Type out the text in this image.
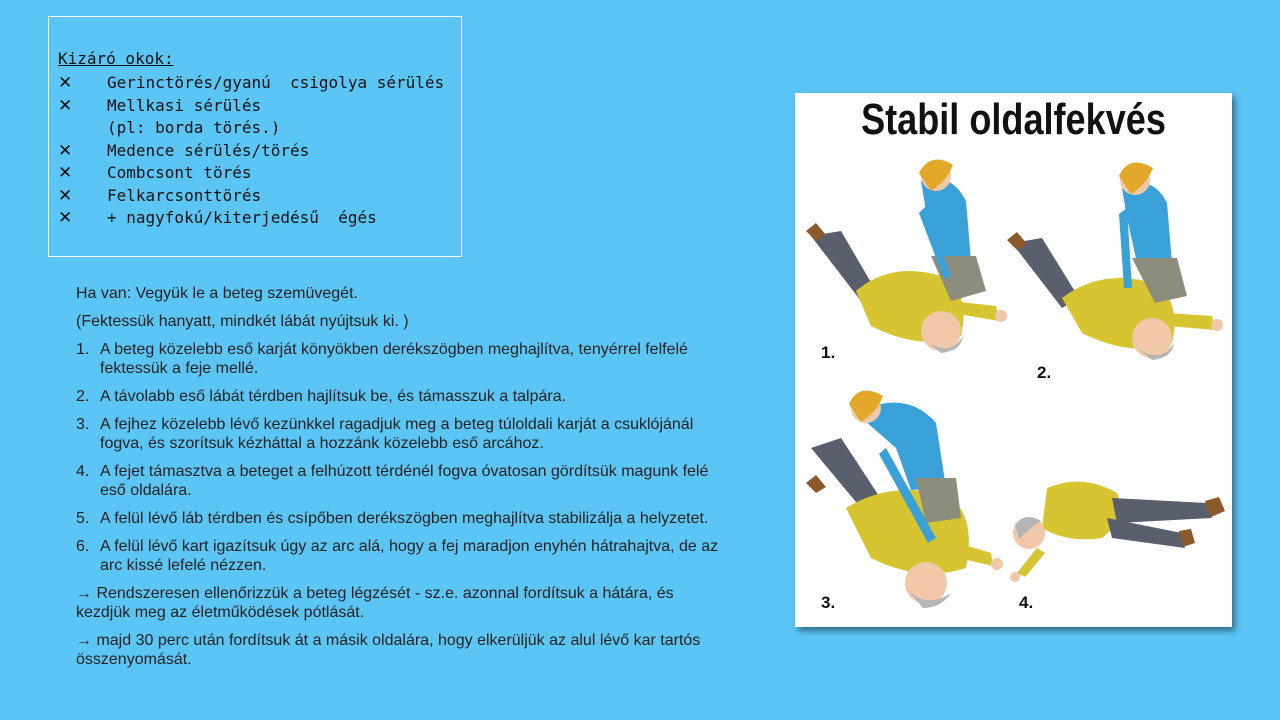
Kizáró okok:
✕	Gerinctörés/gyanú  csigolya sérülés
✕	Mellkasi sérülés
(pl: borda törés.)
✕	Medence sérülés/törés
✕	Combcsont törés
✕	Felkarcsonttörés
✕	+ nagyfokú/kiterjedésű  égés

Ha van: Vegyük le a beteg szemüvegét.

(Fektessük hanyatt, mindkét lábát nyújtsuk ki. )

1. A beteg közelebb eső karját könyökben derékszögben meghajlítva, tenyérrel felfelé fektessük a feje mellé.
2. A távolabb eső lábát térdben hajlítsuk be, és támasszuk a talpára.
3. A fejhez közelebb lévő kezünkkel ragadjuk meg a beteg túloldali karját a csuklójánál fogva, és szorítsuk kézháttal a hozzánk közelebb eső arcához.
4. A fejet támasztva a beteget a felhúzott térdénél fogva óvatosan gördítsük magunk felé eső oldalára.
5. A felül lévő láb térdben és csípőben derékszögben meghajlítva stabilizálja a helyzetet.
6. A felül lévő kart igazítsuk úgy az arc alá, hogy a fej maradjon enyhén hátrahajtva, de az arc kissé lefelé nézzen.

→ Rendszeresen ellenőrizzük a beteg légzését - sz.e. azonnal fordítsuk a hátára, és kezdjük meg az életműködések pótlását.

→ majd 30 perc után fordítsuk át a másik oldalára, hogy elkerüljük az alul lévő kar tartós összenyomását.

Stabil oldalfekvés
1.
2.
3.	4.
